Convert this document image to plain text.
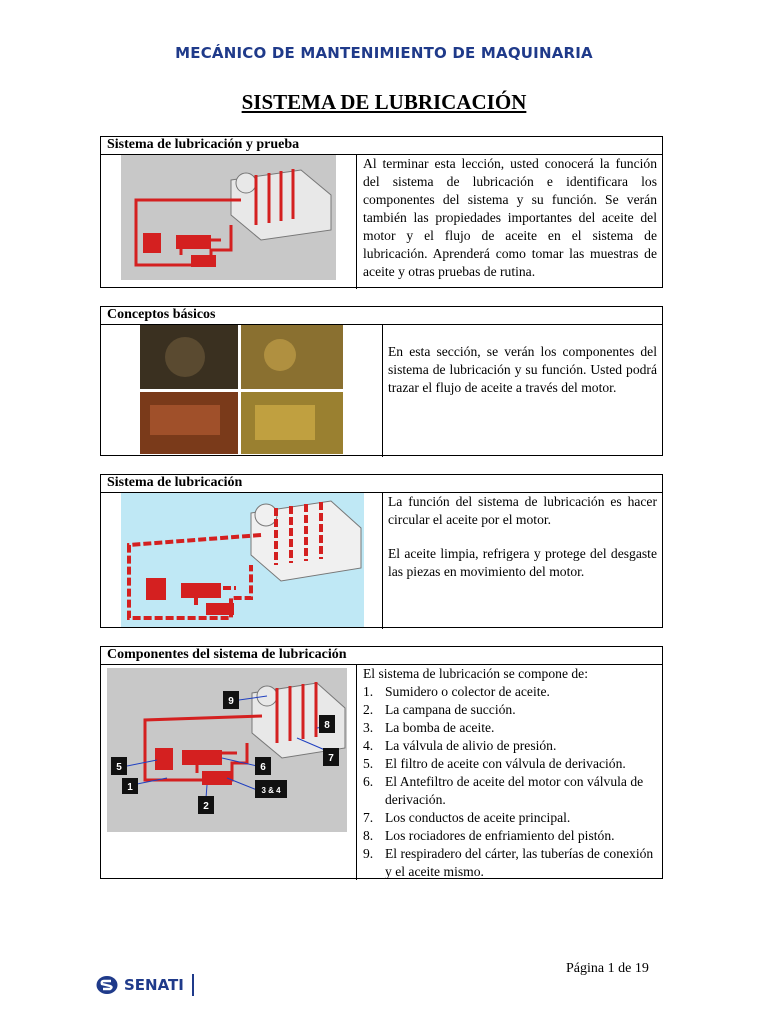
MECÁNICO DE MANTENIMIENTO DE MAQUINARIA
SISTEMA DE LUBRICACIÓN
Sistema de lubricación y prueba
Al terminar esta lección, usted conocerá la función del sistema de lubricación e identificara los componentes del sistema y su función. Se verán también las propiedades importantes del aceite del motor y el flujo de aceite en el sistema de lubricación. Aprenderá como tomar las muestras de aceite y otras pruebas de rutina.
Conceptos básicos
En esta sección, se verán los componentes del sistema de lubricación y su función. Usted podrá trazar el flujo de aceite a través del motor.
Sistema de lubricación

La función del sistema de lubricación es hacer circular el aceite por el motor.

El aceite limpia, refrigera y protege del desgaste las piezas en movimiento del motor.

Componentes del sistema de lubricación
9
8
7
5	6
1	3 & 4
2
El sistema de lubricación se compone de:
1. Sumidero o colector de aceite.
2. La campana de succión.
3. La bomba de aceite.
4. La válvula de alivio de presión.
5. El filtro de aceite con válvula de derivación.
6. El Antefiltro de aceite del motor con válvula de derivación.
7. Los conductos de aceite principal.
8. Los rociadores de enfriamiento del pistón.
9. El respiradero del cárter, las tuberías de conexión y el aceite mismo.
Página 1 de 19
SENATI
